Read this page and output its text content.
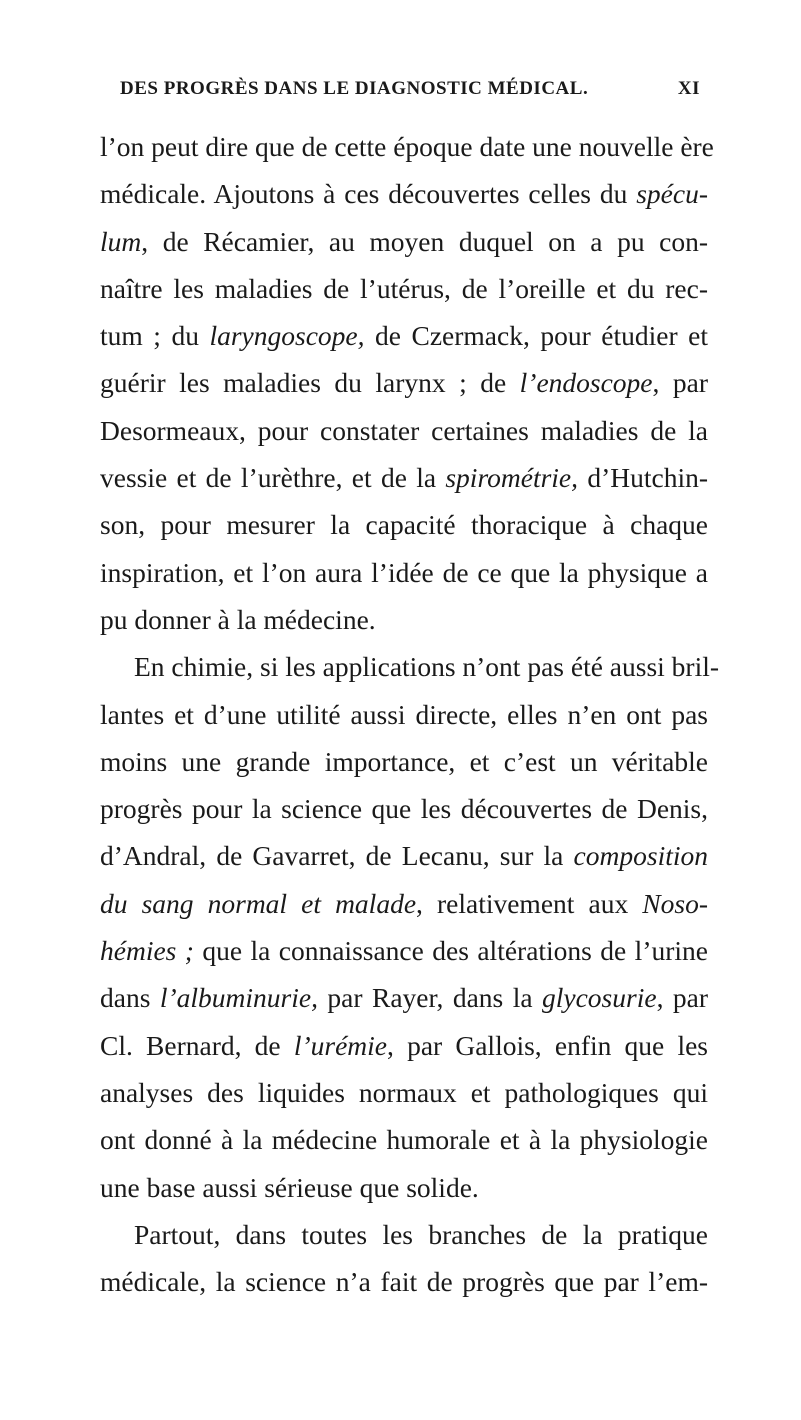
DES PROGRÈS DANS LE DIAGNOSTIC MÉDICAL.	XI
l’on peut dire que de cette époque date une nouvelle ère
médicale. Ajoutons à ces découvertes celles du spécu-
lum, de Récamier, au moyen duquel on a pu con-
naître les maladies de l’utérus, de l’oreille et du rec-
tum ; du laryngoscope, de Czermack, pour étudier et
guérir les maladies du larynx ; de l’endoscope, par
Desormeaux, pour constater certaines maladies de la
vessie et de l’urèthre, et de la spirométrie, d’Hutchin-
son, pour mesurer la capacité thoracique à chaque
inspiration, et l’on aura l’idée de ce que la physique a
pu donner à la médecine.
En chimie, si les applications n’ont pas été aussi bril-
lantes et d’une utilité aussi directe, elles n’en ont pas
moins une grande importance, et c’est un véritable
progrès pour la science que les découvertes de Denis,
d’Andral, de Gavarret, de Lecanu, sur la composition
du sang normal et malade, relativement aux Noso-
hémies ; que la connaissance des altérations de l’urine
dans l’albuminurie, par Rayer, dans la glycosurie, par
Cl. Bernard, de l’urémie, par Gallois, enfin que les
analyses des liquides normaux et pathologiques qui
ont donné à la médecine humorale et à la physiologie
une base aussi sérieuse que solide.
Partout, dans toutes les branches de la pratique
médicale, la science n’a fait de progrès que par l’em-
